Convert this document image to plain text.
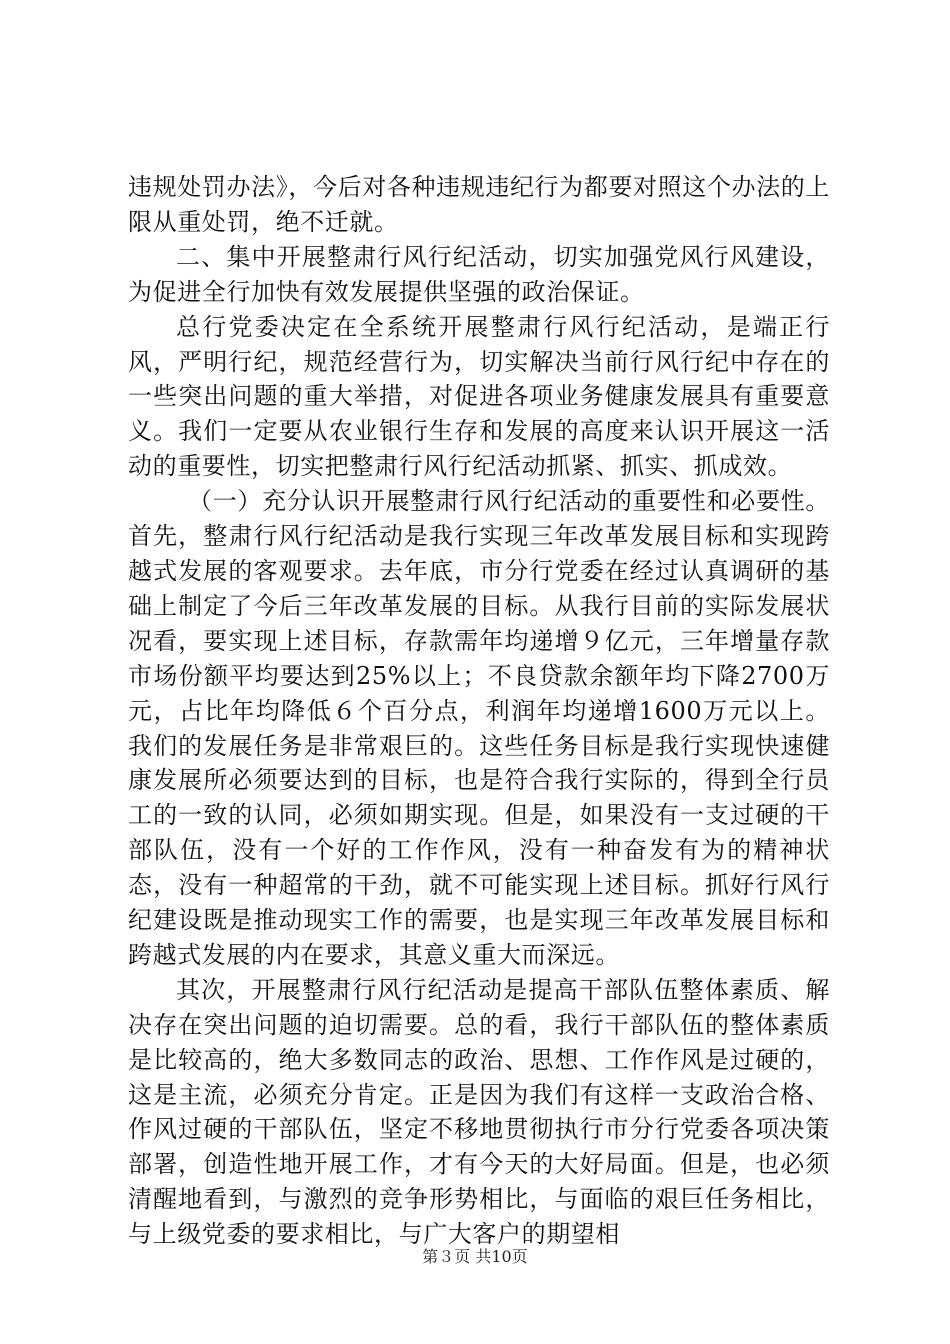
违规处罚办法》，今后对各种违规违纪行为都要对照这个办法的上限从重处罚，绝不迁就。

二、集中开展整肃行风行纪活动，切实加强党风行风建设，为促进全行加快有效发展提供坚强的政治保证。

总行党委决定在全系统开展整肃行风行纪活动，是端正行风，严明行纪，规范经营行为，切实解决当前行风行纪中存在的一些突出问题的重大举措，对促进各项业务健康发展具有重要意义。我们一定要从农业银行生存和发展的高度来认识开展这一活动的重要性，切实把整肃行风行纪活动抓紧、抓实、抓成效。

（一）充分认识开展整肃行风行纪活动的重要性和必要性。首先，整肃行风行纪活动是我行实现三年改革发展目标和实现跨越式发展的客观要求。去年底，市分行党委在经过认真调研的基础上制定了今后三年改革发展的目标。从我行目前的实际发展状况看，要实现上述目标，存款需年均递增９亿元，三年增量存款市场份额平均要达到25%以上；不良贷款余额年均下降2700万元，占比年均降低６个百分点，利润年均递增1600万元以上。我们的发展任务是非常艰巨的。这些任务目标是我行实现快速健康发展所必须要达到的目标，也是符合我行实际的，得到全行员工的一致的认同，必须如期实现。但是，如果没有一支过硬的干部队伍，没有一个好的工作作风，没有一种奋发有为的精神状态，没有一种超常的干劲，就不可能实现上述目标。抓好行风行纪建设既是推动现实工作的需要，也是实现三年改革发展目标和跨越式发展的内在要求，其意义重大而深远。

其次，开展整肃行风行纪活动是提高干部队伍整体素质、解决存在突出问题的迫切需要。总的看，我行干部队伍的整体素质是比较高的，绝大多数同志的政治、思想、工作作风是过硬的，这是主流，必须充分肯定。正是因为我们有这样一支政治合格、作风过硬的干部队伍，坚定不移地贯彻执行市分行党委各项决策部署，创造性地开展工作，才有今天的大好局面。但是，也必须清醒地看到，与激烈的竞争形势相比，与面临的艰巨任务相比，与上级党委的要求相比，与广大客户的期望相

第３页 共10页
